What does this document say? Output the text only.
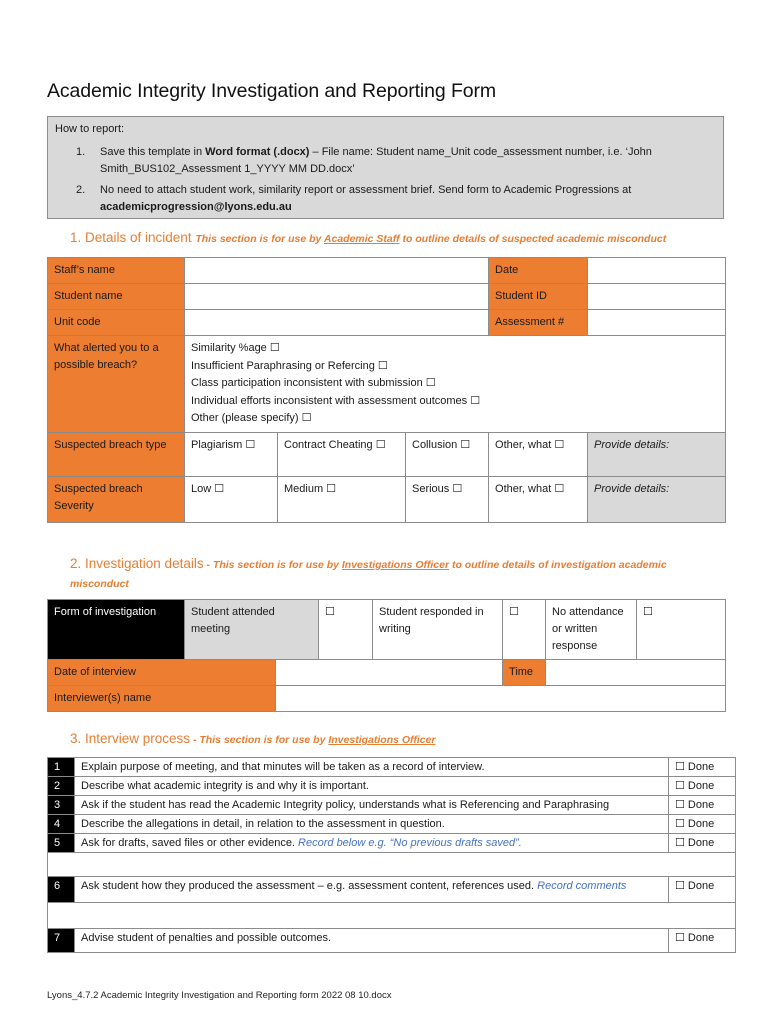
Academic Integrity Investigation and Reporting Form
How to report:
1. Save this template in Word format (.docx) – File name: Student name_Unit code_assessment number, i.e. ‘John Smith_BUS102_Assessment 1_YYYY MM DD.docx’
2. No need to attach student work, similarity report or assessment brief. Send form to Academic Progressions at academicprogression@lyons.edu.au
1. Details of incident This section is for use by Academic Staff to outline details of suspected academic misconduct
Staff’s name				Date	
Student name				Student ID	
Unit code				Assessment #	
What alerted you to a possible breach?	Similarity %age ☐
Insufficient Paraphrasing or Refercing ☐
Class participation inconsistent with submission ☐
Individual efforts inconsistent with assessment outcomes ☐
Other (please specify) ☐				

Suspected breach type	Plagiarism ☐	Contract Cheating ☐	Collusion ☐	Other, what ☐	Provide details:
Suspected breach Severity	Low ☐	Medium ☐	Serious ☐	Other, what ☐	Provide details:
2. Investigation details - This section is for use by Investigations Officer to outline details of investigation academic misconduct
Form of investigation	Student attended meeting		☐	Student responded in writing	☐	No attendance or written response	☐
Date of interview					Time		
Interviewer(s) name							
3. Interview process - This section is for use by Investigations Officer
1	Explain purpose of meeting, and that minutes will be taken as a record of interview.	☐ Done
2	Describe what academic integrity is and why it is important.	☐ Done
3	Ask if the student has read the Academic Integrity policy, understands what is Referencing and Paraphrasing	☐ Done
4	Describe the allegations in detail, in relation to the assessment in question.	☐ Done
5	Ask for drafts, saved files or other evidence. Record below e.g. “No previous drafts saved”.	☐ Done

6	Ask student how they produced the assessment – e.g. assessment content, references used. Record comments	☐ Done

7	Advise student of penalties and possible outcomes.	☐ Done
Lyons_4.7.2 Academic Integrity Investigation and Reporting form 2022 08 10.docx
